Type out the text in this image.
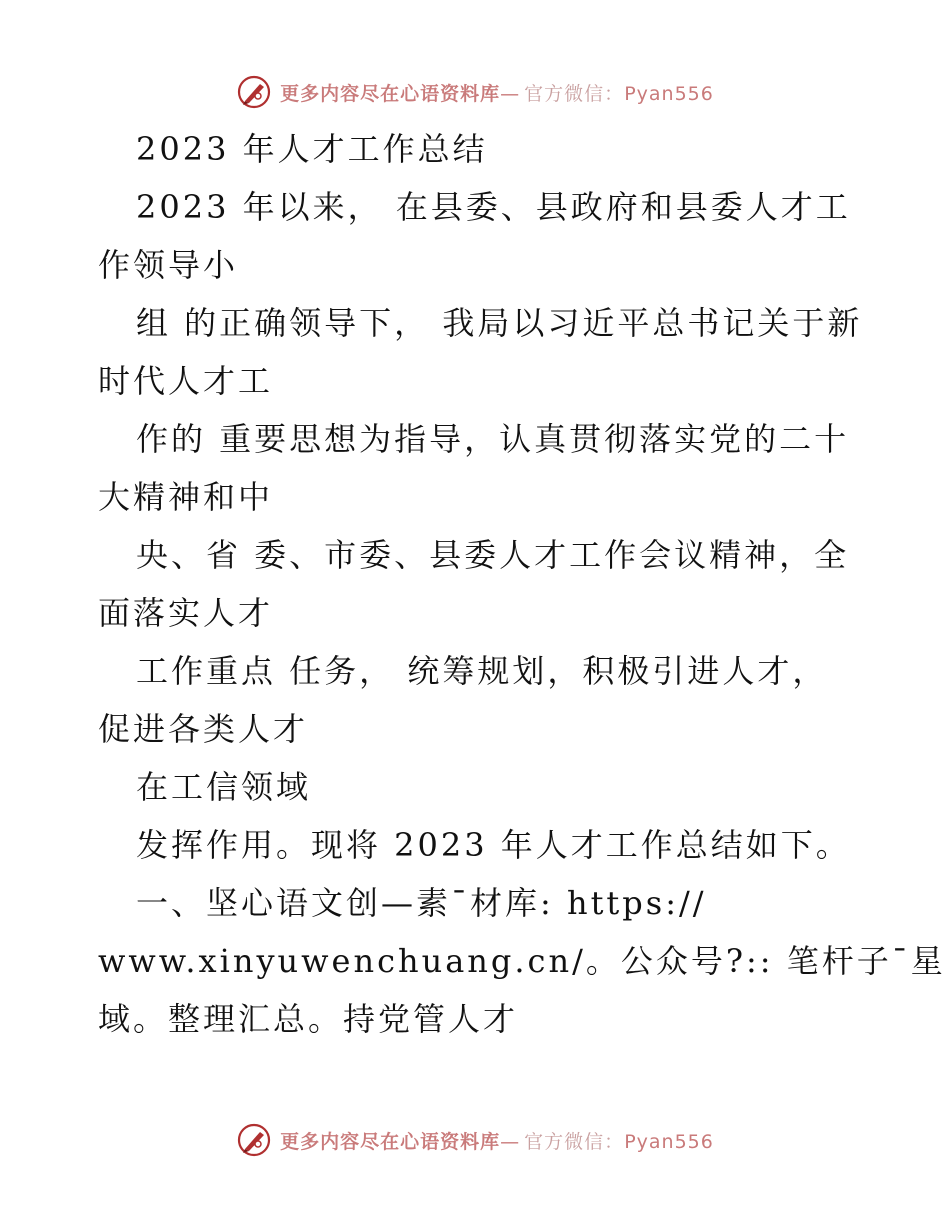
更多内容尽在心语资料库— 官方微信：Pyan556
2023 年人才工作总结
2023 年以来， 在县委、县政府和县委人才工
作领导小
组 的正确领导下， 我局以习近平总书记关于新
时代人才工
作的 重要思想为指导，认真贯彻落实党的二十
大精神和中
央、省 委、市委、县委人才工作会议精神，全
面落实人才
工作重点 任务， 统筹规划，积极引进人才，
促进各类人才
在工信领域
发挥作用。现将 2023 年人才工作总结如下。
一、坚心语文创—素¯材库: https://
www.xinyuwenchuang.cn/。公众号?:: 笔杆子¯星
域。整理汇总。持党管人才
更多内容尽在心语资料库— 官方微信：Pyan556
